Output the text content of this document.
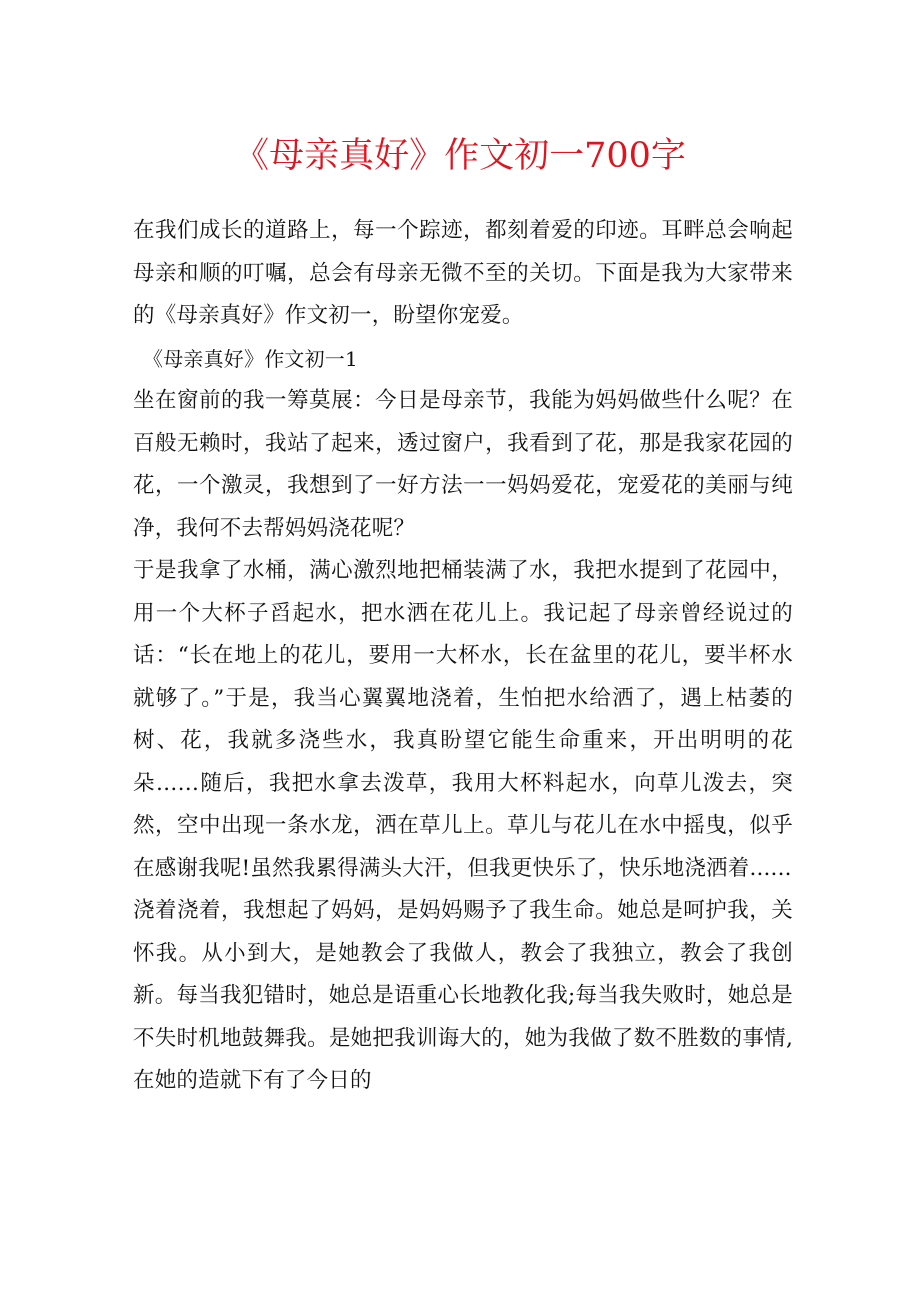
《母亲真好》作文初一700字

在我们成长的道路上，每一个踪迹，都刻着爱的印迹。耳畔总会响起母亲和顺的叮嘱，总会有母亲无微不至的关切。下面是我为大家带来的《母亲真好》作文初一，盼望你宠爱。

《母亲真好》作文初一1

坐在窗前的我一筹莫展：今日是母亲节，我能为妈妈做些什么呢？在百般无赖时，我站了起来，透过窗户，我看到了花，那是我家花园的花，一个激灵，我想到了一好方法一一妈妈爱花，宠爱花的美丽与纯净，我何不去帮妈妈浇花呢？

于是我拿了水桶，满心激烈地把桶装满了水，我把水提到了花园中，用一个大杯子舀起水，把水洒在花儿上。我记起了母亲曾经说过的话：“长在地上的花儿，要用一大杯水，长在盆里的花儿，要半杯水就够了。”于是，我当心翼翼地浇着，生怕把水给洒了，遇上枯萎的树、花，我就多浇些水，我真盼望它能生命重来，开出明明的花朵……随后，我把水拿去泼草，我用大杯料起水，向草儿泼去，突然，空中出现一条水龙，洒在草儿上。草儿与花儿在水中摇曳，似乎在感谢我呢!虽然我累得满头大汗，但我更快乐了，快乐地浇洒着......

浇着浇着，我想起了妈妈，是妈妈赐予了我生命。她总是呵护我，关怀我。从小到大，是她教会了我做人，教会了我独立，教会了我创新。每当我犯错时，她总是语重心长地教化我;每当我失败时，她总是不失时机地鼓舞我。是她把我训诲大的，她为我做了数不胜数的事情,在她的造就下有了今日的
